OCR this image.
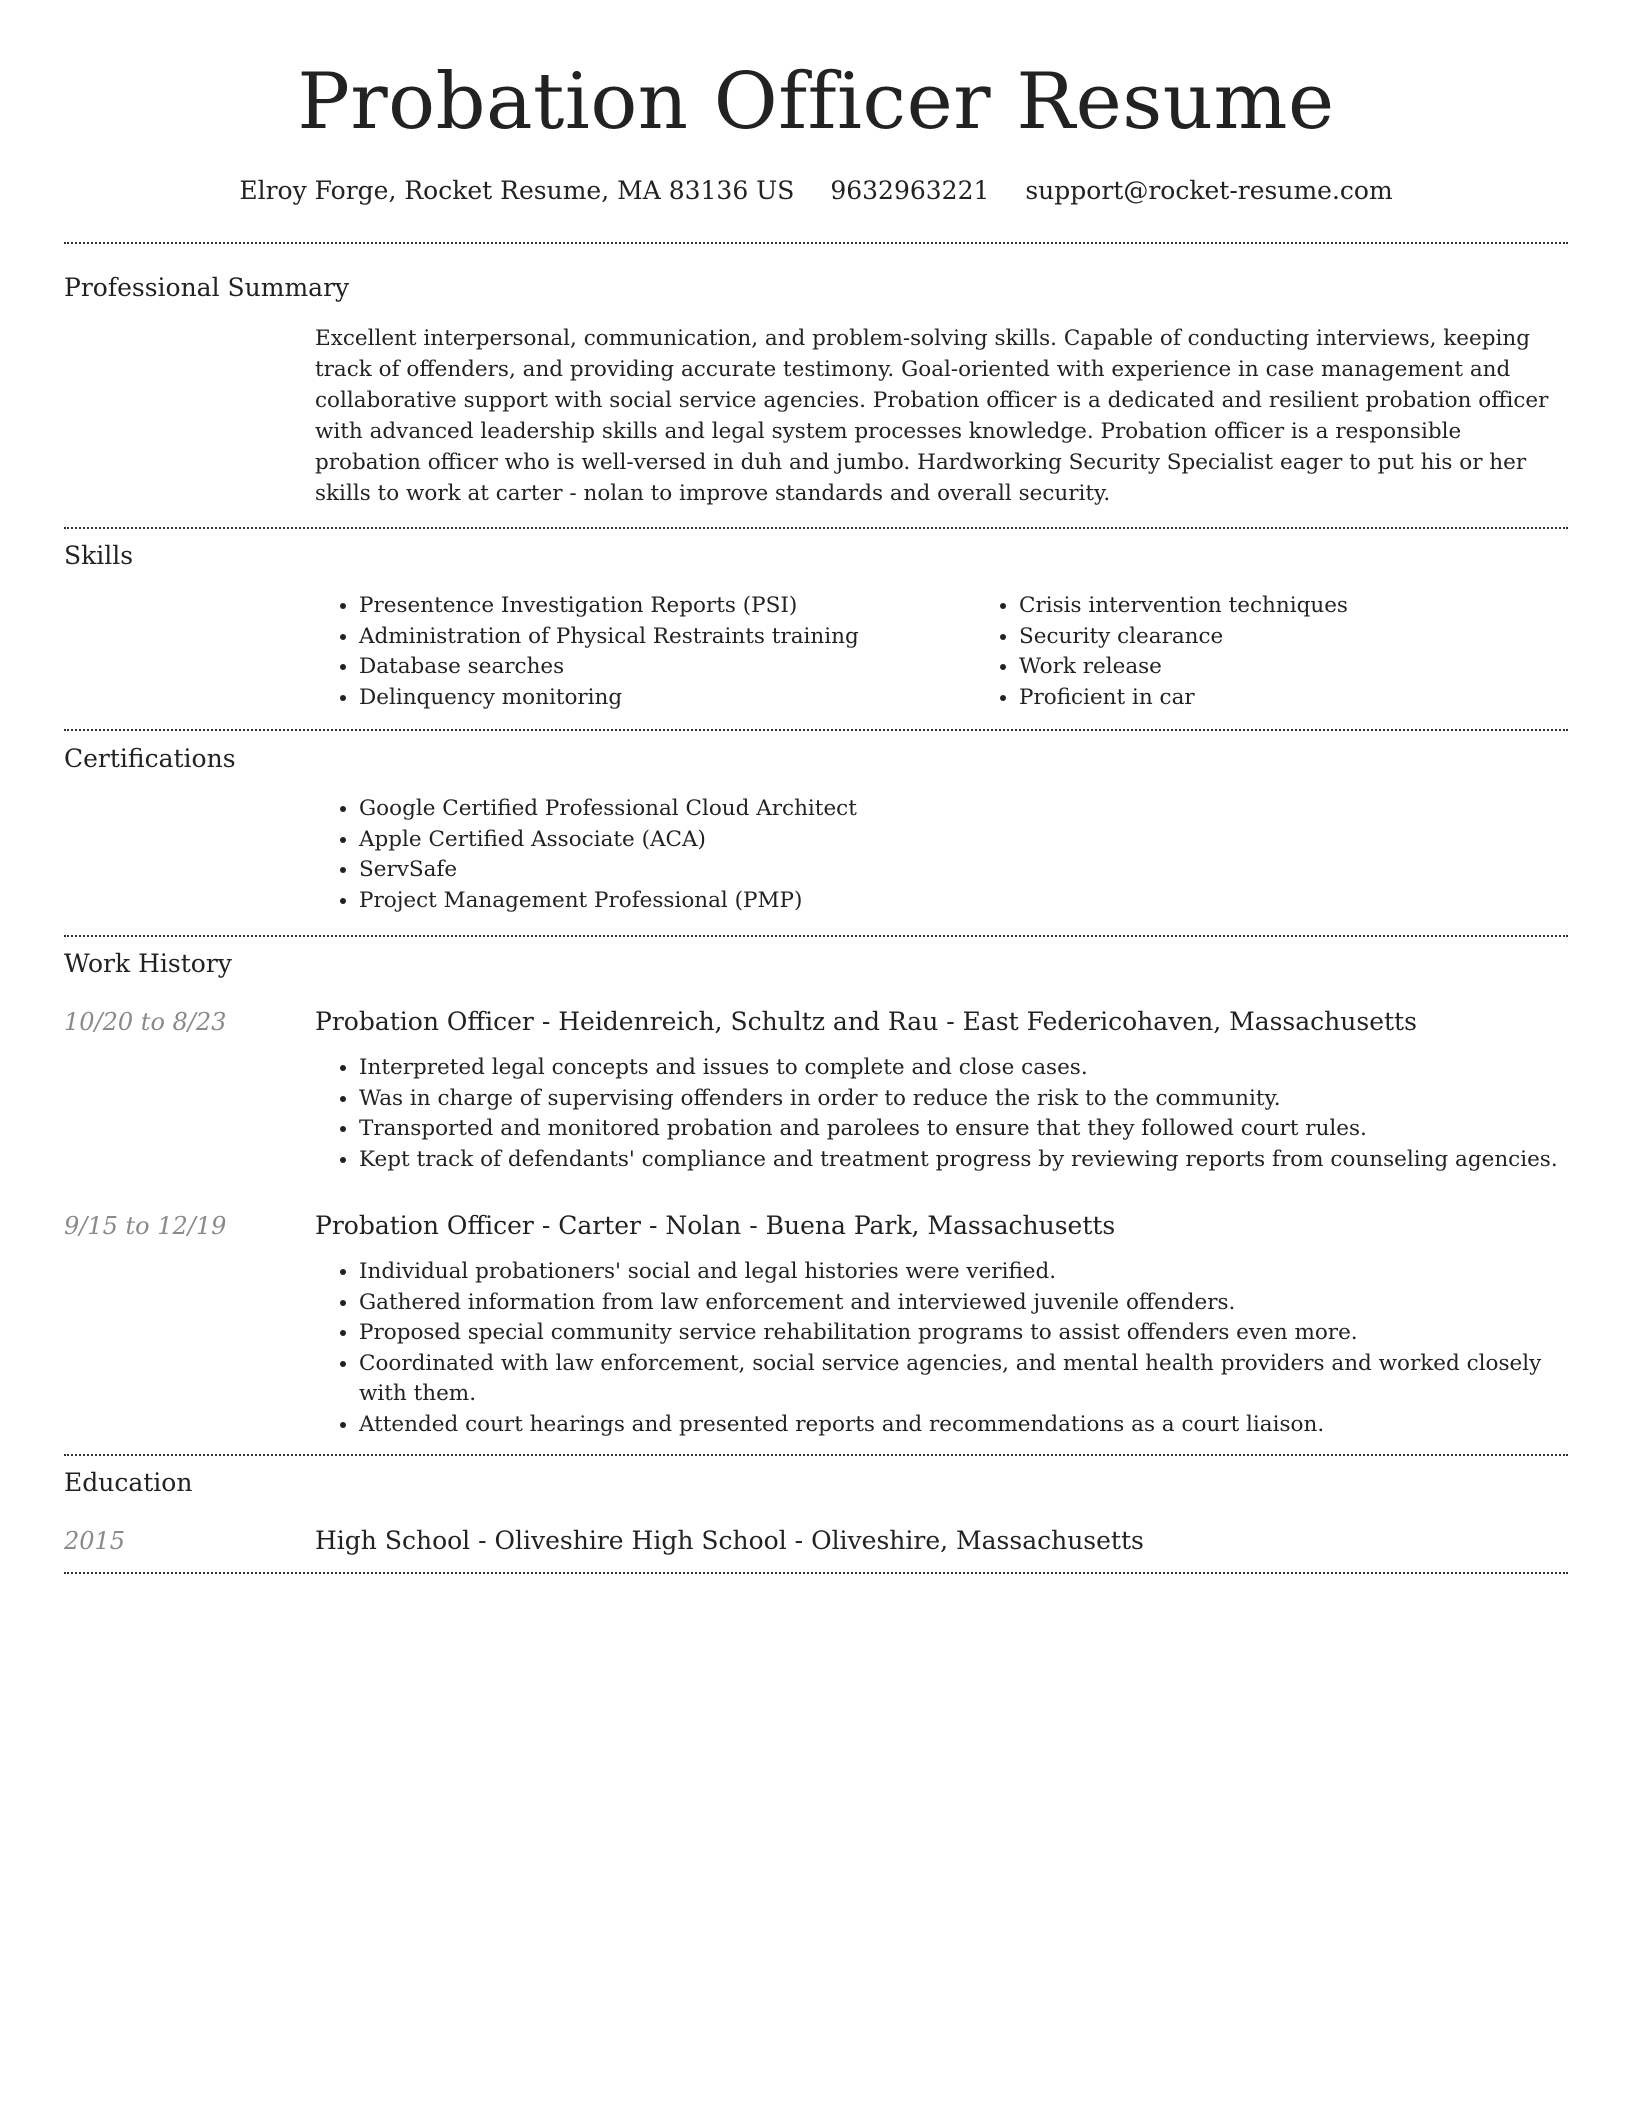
Probation Officer Resume
Elroy Forge, Rocket Resume, MA 83136 US 9632963221 support@rocket-resume.com
Professional Summary

Excellent interpersonal, communication, and problem-solving skills. Capable of conducting interviews, keeping track of offenders, and providing accurate testimony. Goal-oriented with experience in case management and collaborative support with social service agencies. Probation officer is a dedicated and resilient probation officer with advanced leadership skills and legal system processes knowledge. Probation officer is a responsible probation officer who is well-versed in duh and jumbo. Hardworking Security Specialist eager to put his or her skills to work at carter - nolan to improve standards and overall security.

Skills
• Presentence Investigation Reports (PSI)
• Administration of Physical Restraints training
• Database searches
• Delinquency monitoring
• Crisis intervention techniques
• Security clearance
• Work release
• Proficient in car
Certifications
• Google Certified Professional Cloud Architect
• Apple Certified Associate (ACA)
• ServSafe
• Project Management Professional (PMP)
Work History
10/20 to 8/23	Probation Officer - Heidenreich, Schultz and Rau - East Federicohaven, Massachusetts
• Interpreted legal concepts and issues to complete and close cases.
• Was in charge of supervising offenders in order to reduce the risk to the community.
• Transported and monitored probation and parolees to ensure that they followed court rules.
• Kept track of defendants' compliance and treatment progress by reviewing reports from counseling agencies.
9/15 to 12/19	Probation Officer - Carter - Nolan - Buena Park, Massachusetts
• Individual probationers' social and legal histories were verified.
• Gathered information from law enforcement and interviewed juvenile offenders.
• Proposed special community service rehabilitation programs to assist offenders even more.
• Coordinated with law enforcement, social service agencies, and mental health providers and worked closely with them.
• Attended court hearings and presented reports and recommendations as a court liaison.
Education
2015	High School - Oliveshire High School - Oliveshire, Massachusetts
